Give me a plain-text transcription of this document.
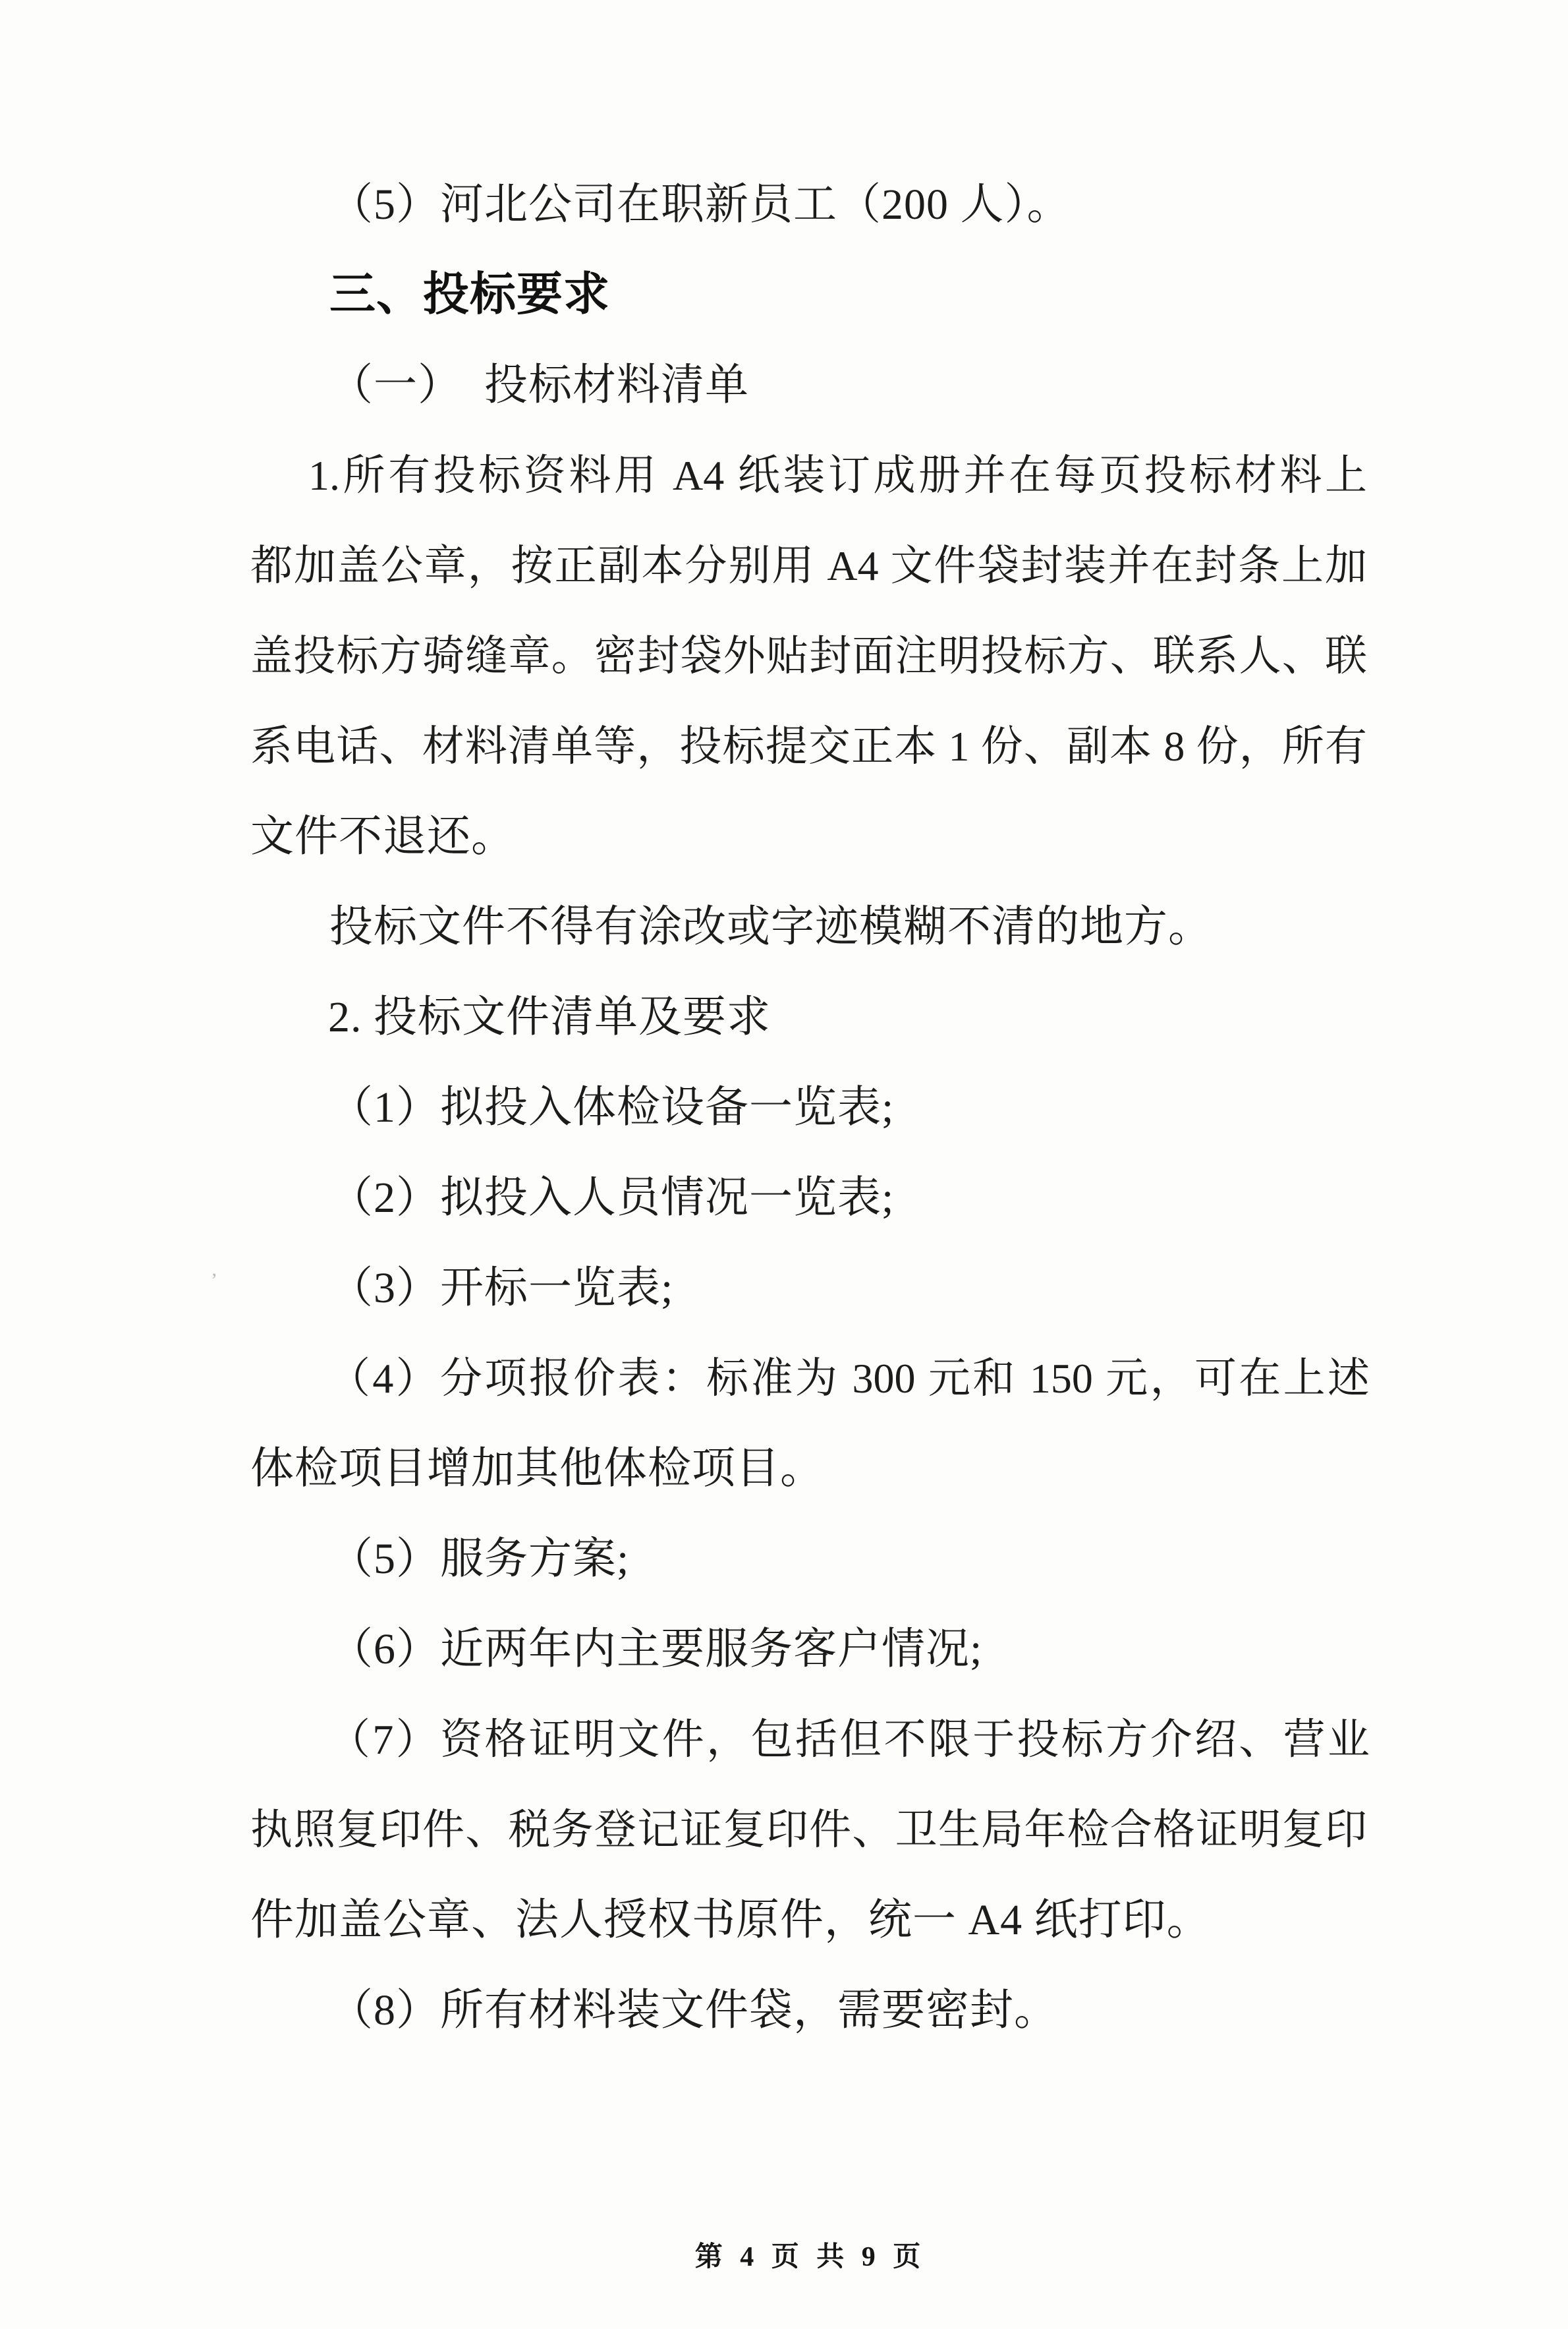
（5）河北公司在职新员工（200 人）。
三、投标要求
（一）　投标材料清单
1.所有投标资料用 A4 纸装订成册并在每页投标材料上
都加盖公章，按正副本分别用 A4 文件袋封装并在封条上加
盖投标方骑缝章。密封袋外贴封面注明投标方、联系人、联
系电话、材料清单等，投标提交正本 1 份、副本 8 份，所有
文件不退还。
投标文件不得有涂改或字迹模糊不清的地方。
2. 投标文件清单及要求
（1）拟投入体检设备一览表;
（2）拟投入人员情况一览表;
（3）开标一览表;
（4）分项报价表：标准为 300 元和 150 元，可在上述
体检项目增加其他体检项目。
（5）服务方案;
（6）近两年内主要服务客户情况;
（7）资格证明文件，包括但不限于投标方介绍、营业
执照复印件、税务登记证复印件、卫生局年检合格证明复印
件加盖公章、法人授权书原件，统一 A4 纸打印。
（8）所有材料装文件袋，需要密封。
’
第 4 页 共 9 页
